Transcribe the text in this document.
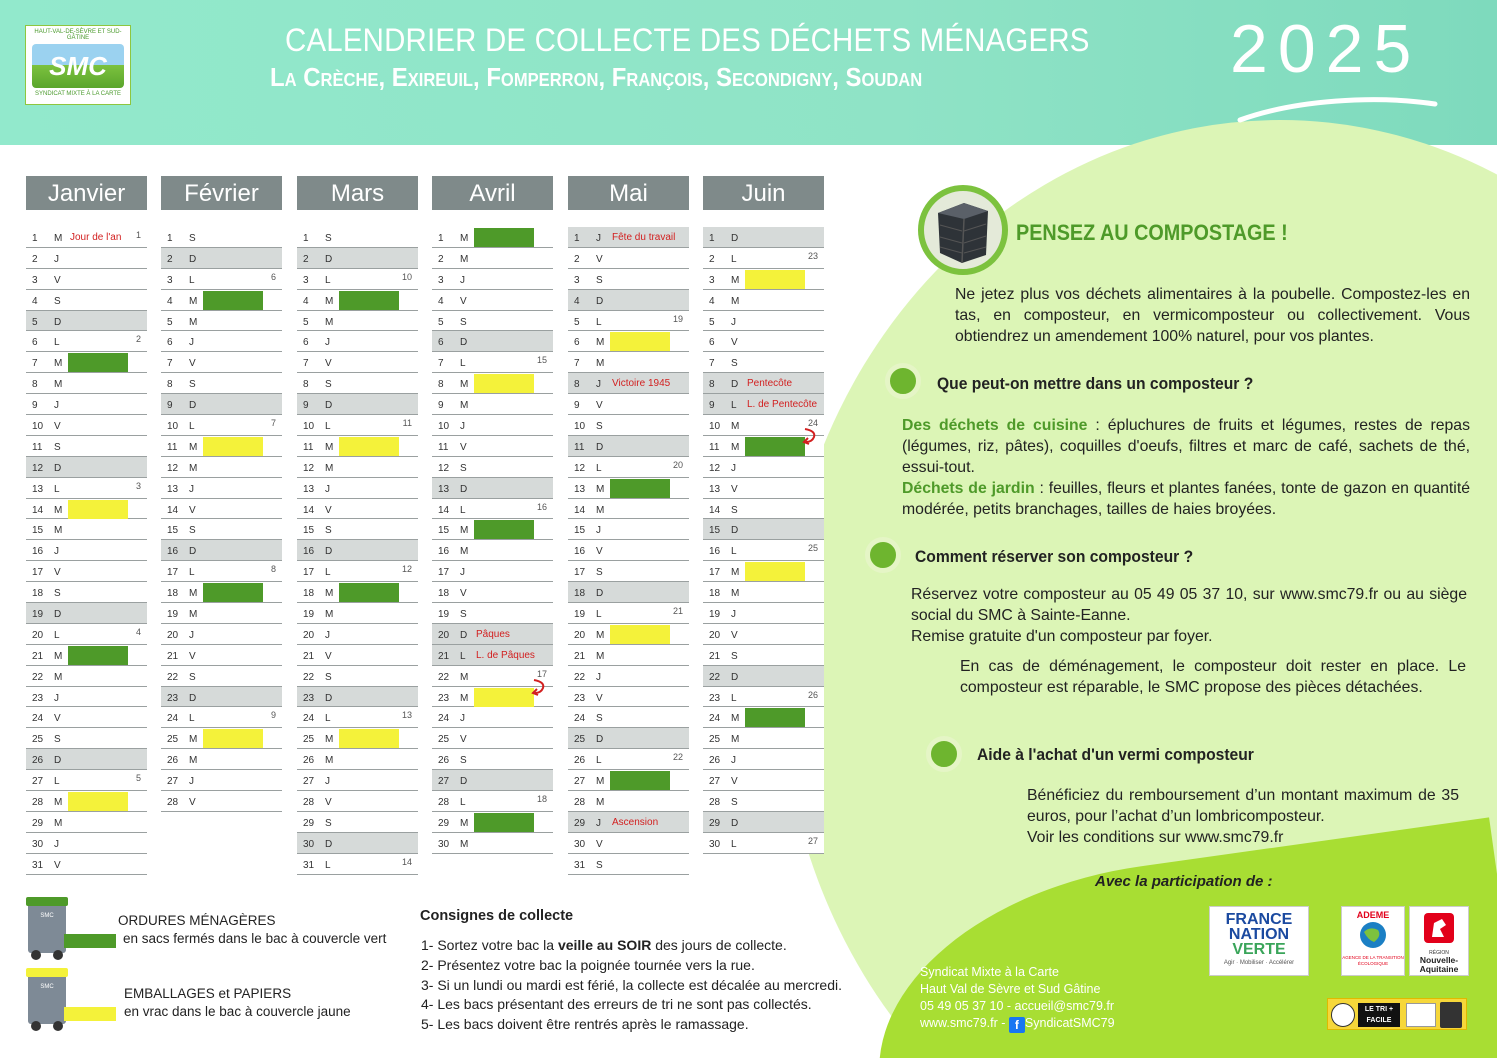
HAUT-VAL-DE-SÈVRE ET SUD-GÂTINE
SMC
SYNDICAT MIXTE À LA CARTE
CALENDRIER DE COLLECTE DES DÉCHETS MÉNAGERS
La Crèche, Exireuil, Fomperron, François, Secondigny, Soudan	2025
Janvier
1 M Jour de l'an 1
2 J
3 V
4 S
5 D
6 L	2
7 M
8 M
9 J
10 V
11 S
12 D
13 L	3
14 M
15 M
16 J
17 V
18 S
19 D
20 L	4
21 M
22 M
23 J
24 V
25 S
26 D
27 L	5
28 M
29 M
30 J
31 V
Février
1 S
2 D
3 L	6
4 M
5 M
6 J
7 V
8 S
9 D
10 L	7
11 M
12 M
13 J
14 V
15 S
16 D
17 L	8
18 M
19 M
20 J
21 V
22 S
23 D
24 L	9
25 M
26 M
27 J
28 V
Mars
1 S
2 D
3 L	10
4 M
5 M
6 J
7 V
8 S
9 D
10 L	11
11 M
12 M
13 J
14 V
15 S
16 D
17 L	12
18 M
19 M
20 J
21 V
22 S
23 D
24 L	13
25 M
26 M
27 J
28 V
29 S
30 D
31 L	14
Avril
1 M
2 M
3 J
4 V
5 S
6 D
7 L	15
8 M
9 M
10 J
11 V
12 S
13 D
14 L	16
15 M
16 M
17 J
18 V
19 S
20 D Pâques
21 L L. de Pâques
22 M	17
23 M
24 J
25 V
26 S
27 D
28 L	18
29 M
30 M
Mai
1 J Fête du travail
2 V
3 S
4 D
5 L	19
6 M
7 M
8 J Victoire 1945
9 V
10 S
11 D
12 L	20
13 M
14 M
15 J
16 V
17 S
18 D
19 L	21
20 M
21 M
22 J
23 V
24 S
25 D
26 L	22
27 M
28 M
29 J Ascension
30 V
31 S
Juin
1 D
2 L	23
3 M
4 M
5 J
6 V
7 S
8 D Pentecôte
9 L L. de Pentecôte
10 M	24
11 M
12 J
13 V
14 S
15 D
16 L	25
17 M
18 M
19 J
20 V
21 S
22 D
23 L	26
24 M
25 M
26 J
27 V
28 S
29 D
30 L	27
SMC	ORDURES MÉNAGÈRES
en sacs fermés dans le bac à couvercle vert
SMC	EMBALLAGES et PAPIERS
en vrac dans le bac à couvercle jaune
Consignes de collecte
1- Sortez votre bac la veille au SOIR des jours de collecte.
2- Présentez votre bac la poignée tournée vers la rue.
3- Si un lundi ou mardi est férié, la collecte est décalée au mercredi.
4- Les bacs présentant des erreurs de tri ne sont pas collectés.
5- Les bacs doivent être rentrés après le ramassage.
PENSEZ AU COMPOSTAGE !
Ne jetez plus vos déchets alimentaires à la poubelle. Compostez-les en tas, en composteur, en vermicomposteur ou collectivement. Vous obtiendrez un amendement 100% naturel, pour vos plantes.
Que peut-on mettre dans un composteur ?
Des déchets de cuisine : épluchures de fruits et légumes, restes de repas (légumes, riz, pâtes), coquilles d'oeufs, filtres et marc de café, sachets de thé, essui-tout.
Déchets de jardin : feuilles, fleurs et plantes fanées, tonte de gazon en quantité modérée, petits branchages, tailles de haies broyées.
Comment réserver son composteur ?
Réservez votre composteur au 05 49 05 37 10, sur www.smc79.fr ou au siège social du SMC à Sainte-Eanne.
Remise gratuite d'un composteur par foyer.
En cas de déménagement, le composteur doit rester en place. Le composteur est réparable, le SMC propose des pièces détachées.
Aide à l'achat d'un vermi composteur
Bénéficiez du remboursement d’un montant maximum de 35 euros, pour l’achat d’un lombricomposteur.
Voir les conditions sur www.smc79.fr
Avec la participation de :
FRANCE
NATION
VERTE
Agir · Mobiliser · Accélérer
ADEME
AGENCE DE LA TRANSITION ÉCOLOGIQUE
RÉGION
Nouvelle-
Aquitaine
LE TRI + FACILE
Syndicat Mixte à la Carte
Haut Val de Sèvre et Sud Gâtine
05 49 05 37 10 - accueil@smc79.fr
www.smc79.fr - f SyndicatSMC79
